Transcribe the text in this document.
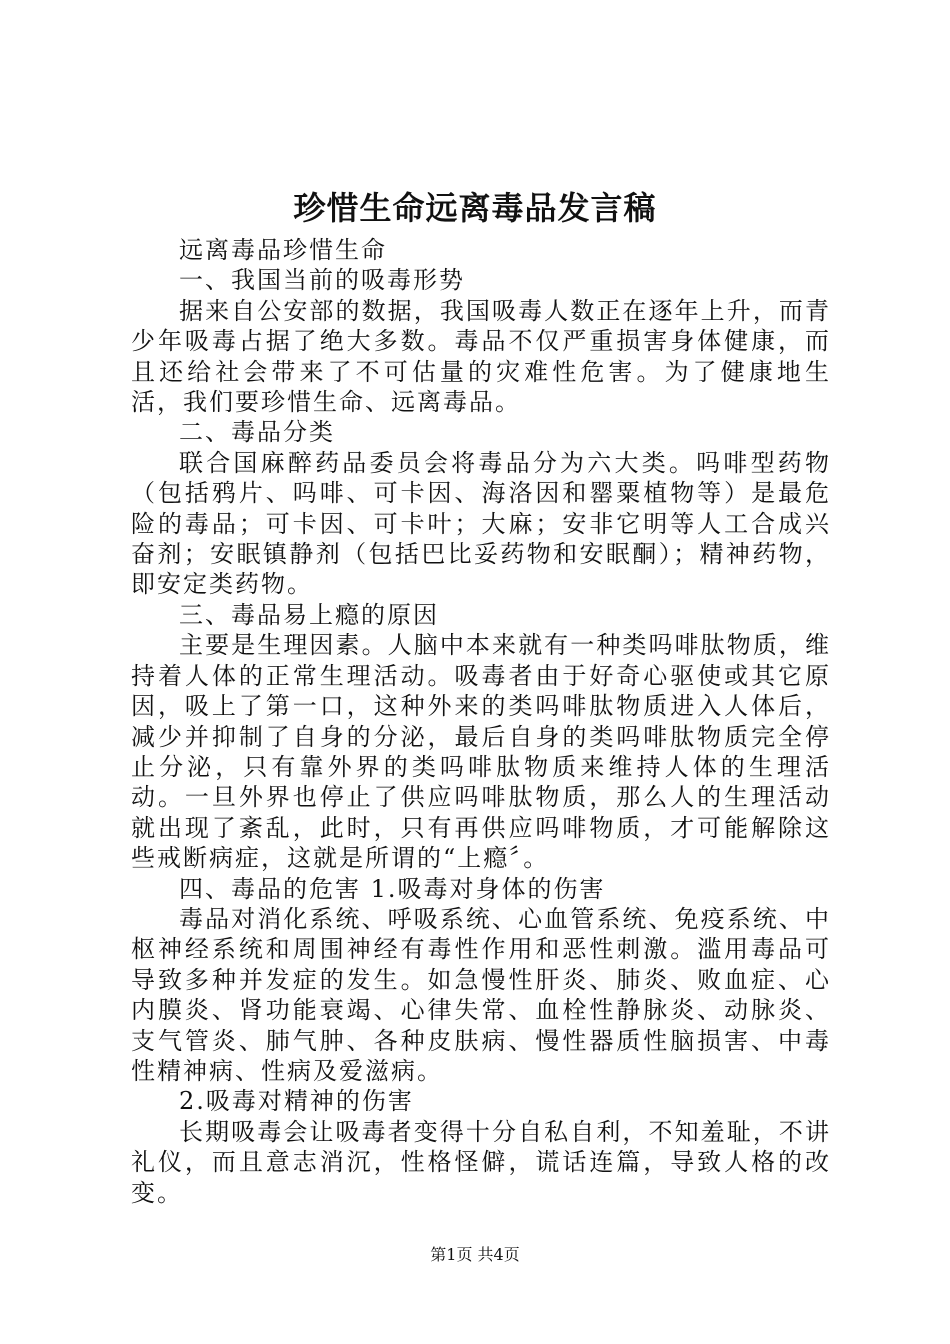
珍惜生命远离毒品发言稿

远离毒品珍惜生命

一、我国当前的吸毒形势

据来自公安部的数据，我国吸毒人数正在逐年上升，而青少年吸毒占据了绝大多数。毒品不仅严重损害身体健康，而且还给社会带来了不可估量的灾难性危害。为了健康地生活，我们要珍惜生命、远离毒品。

二、毒品分类

联合国麻醉药品委员会将毒品分为六大类。吗啡型药物（包括鸦片、吗啡、可卡因、海洛因和罂粟植物等）是最危险的毒品；可卡因、可卡叶；大麻；安非它明等人工合成兴奋剂；安眠镇静剂（包括巴比妥药物和安眠酮）；精神药物，即安定类药物。

三、毒品易上瘾的原因

主要是生理因素。人脑中本来就有一种类吗啡肽物质，维持着人体的正常生理活动。吸毒者由于好奇心驱使或其它原因，吸上了第一口，这种外来的类吗啡肽物质进入人体后，减少并抑制了自身的分泌，最后自身的类吗啡肽物质完全停止分泌，只有靠外界的类吗啡肽物质来维持人体的生理活动。一旦外界也停止了供应吗啡肽物质，那么人的生理活动就出现了紊乱，此时，只有再供应吗啡物质，才可能解除这些戒断病症，这就是所谓的“上瘾〞。

四、毒品的危害 1.吸毒对身体的伤害

毒品对消化系统、呼吸系统、心血管系统、免疫系统、中枢神经系统和周围神经有毒性作用和恶性刺激。滥用毒品可导致多种并发症的发生。如急慢性肝炎、肺炎、败血症、心内膜炎、肾功能衰竭、心律失常、血栓性静脉炎、动脉炎、支气管炎、肺气肿、各种皮肤病、慢性器质性脑损害、中毒性精神病、性病及爱滋病。

2.吸毒对精神的伤害

长期吸毒会让吸毒者变得十分自私自利，不知羞耻，不讲礼仪，而且意志消沉，性格怪僻，谎话连篇，导致人格的改变。

第1页 共4页
